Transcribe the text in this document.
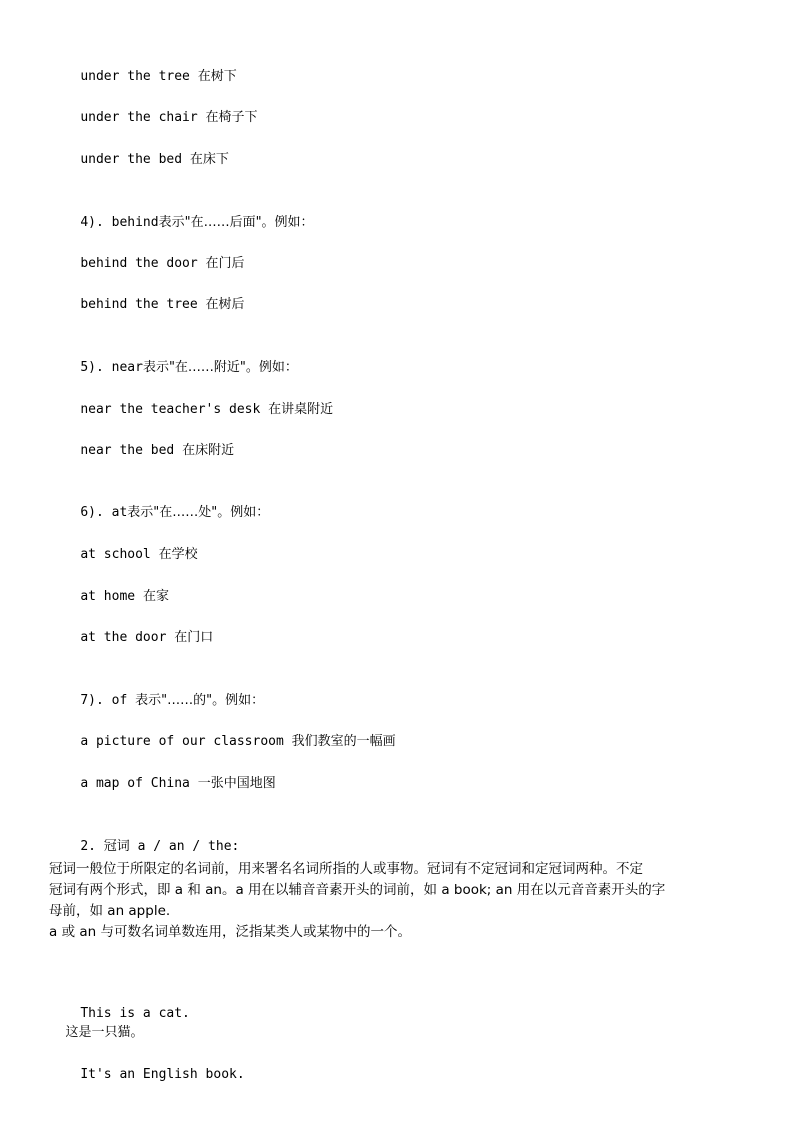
under the tree 在树下

under the chair 在椅子下

under the bed 在床下

4). behind表示"在……后面"。例如：

behind the door 在门后

behind the tree 在树后

5). near表示"在……附近"。例如：

near the teacher's desk 在讲桌附近

near the bed 在床附近

6). at表示"在……处"。例如：

at school 在学校

at home 在家

at the door 在门口

7). of 表示"……的"。例如：

a picture of our classroom 我们教室的一幅画

a map of China 一张中国地图

2. 冠词 a / an / the:

冠词一般位于所限定的名词前，用来署名名词所指的人或事物。冠词有不定冠词和定冠词两种。不定
冠词有两个形式，即 a 和 an。a 用在以辅音音素开头的词前，如 a book; an 用在以元音音素开头的字
母前，如 an apple.
a 或 an 与可数名词单数连用，泛指某类人或某物中的一个。

This is a cat.

这是一只猫。

It's an English book.
